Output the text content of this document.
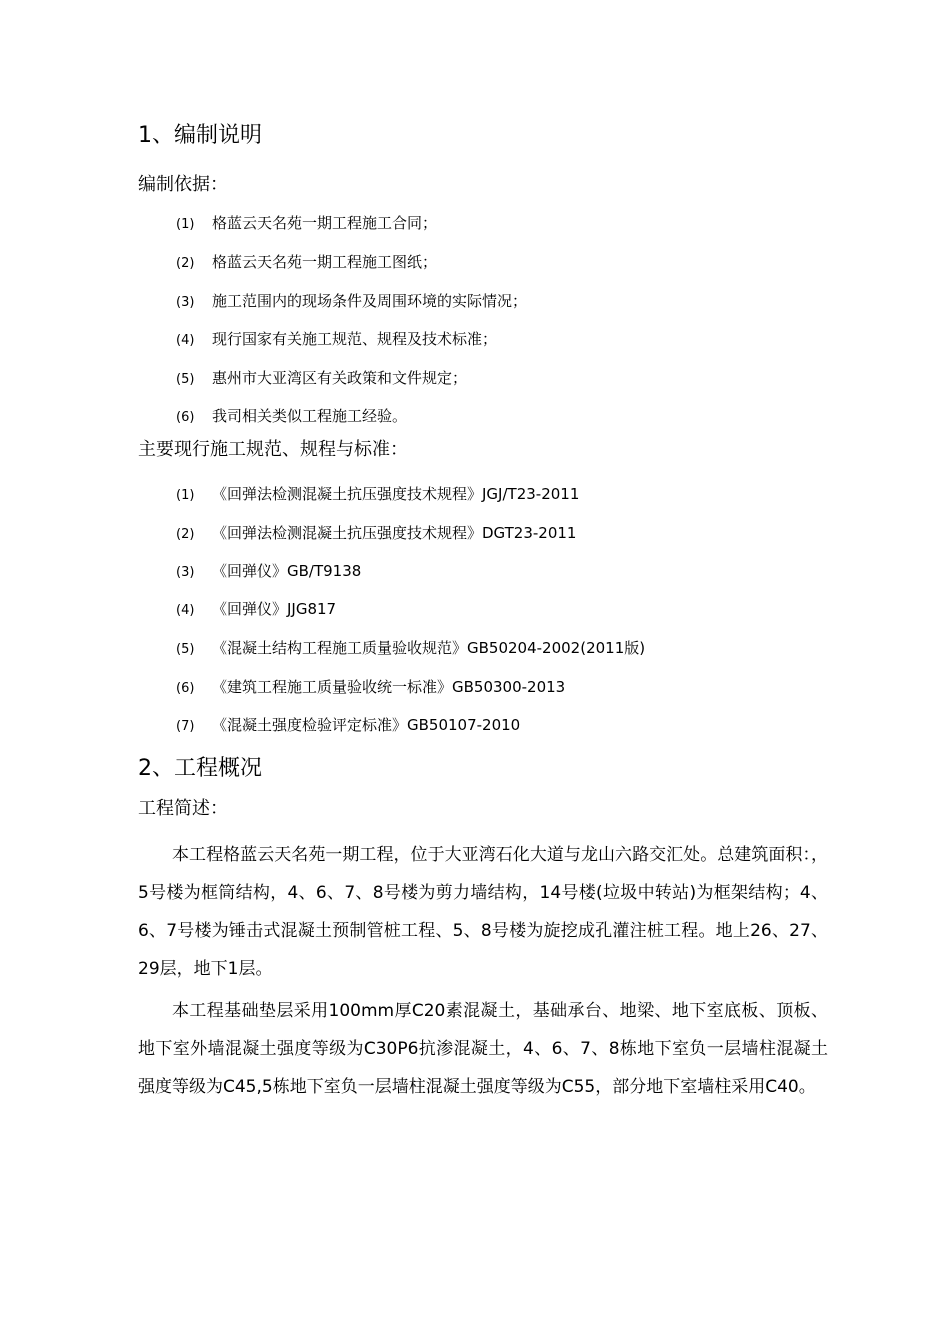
1、编制说明
编制依据：
(1) 格蓝云天名苑一期工程施工合同；
(2) 格蓝云天名苑一期工程施工图纸；
(3) 施工范围内的现场条件及周围环境的实际情况；
(4) 现行国家有关施工规范、规程及技术标准；
(5) 惠州市大亚湾区有关政策和文件规定；
(6) 我司相关类似工程施工经验。
主要现行施工规范、规程与标准：
(1) 《回弹法检测混凝土抗压强度技术规程》JGJ/T23-2011
(2) 《回弹法检测混凝土抗压强度技术规程》DGT23-2011
(3) 《回弹仪》GB/T9138
(4) 《回弹仪》JJG817
(5) 《混凝土结构工程施工质量验收规范》GB50204-2002(2011版)
(6) 《建筑工程施工质量验收统一标准》GB50300-2013
(7) 《混凝土强度检验评定标准》GB50107-2010
2、工程概况
工程简述：
本工程格蓝云天名苑一期工程，位于大亚湾石化大道与龙山六路交汇处。总建筑面积：，5号楼为框筒结构，4、6、7、8号楼为剪力墙结构，14号楼(垃圾中转站)为框架结构；4、6、7号楼为锤击式混凝土预制管桩工程、5、8号楼为旋挖成孔灌注桩工程。地上26、27、29层，地下1层。
本工程基础垫层采用100mm厚C20素混凝土，基础承台、地梁、地下室底板、顶板、地下室外墙混凝土强度等级为C30P6抗渗混凝土，4、6、7、8栋地下室负一层墙柱混凝土强度等级为C45,5栋地下室负一层墙柱混凝土强度等级为C55，部分地下室墙柱采用C40。
